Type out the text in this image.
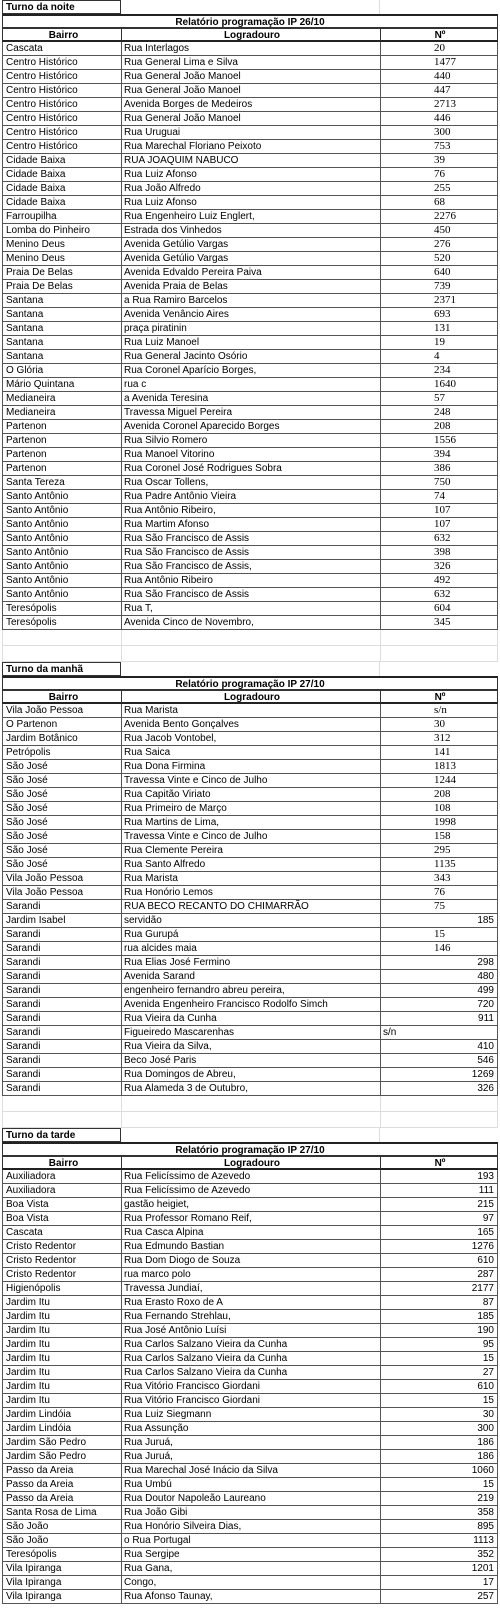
Turno da noite
Relatório programação IP 26/10
Bairro	Logradouro	Nº
Cascata	Rua Interlagos	20
Centro Histórico	Rua General Lima e Silva	1477
Centro Histórico	Rua General João Manoel	440
Centro Histórico	Rua General João Manoel	447
Centro Histórico	Avenida Borges de Medeiros	2713
Centro Histórico	Rua General João Manoel	446
Centro Histórico	Rua Uruguai	300
Centro Histórico	Rua Marechal Floriano Peixoto	753
Cidade Baixa	RUA JOAQUIM NABUCO	39
Cidade Baixa	Rua Luiz Afonso	76
Cidade Baixa	Rua João Alfredo	255
Cidade Baixa	Rua Luiz Afonso	68
Farroupilha	Rua Engenheiro Luiz Englert,	2276
Lomba do Pinheiro	Estrada dos Vinhedos	450
Menino Deus	Avenida Getúlio Vargas	276
Menino Deus	Avenida Getúlio Vargas	520
Praia De Belas	Avenida Edvaldo Pereira Paiva	640
Praia De Belas	Avenida Praia de Belas	739
Santana	a Rua Ramiro Barcelos	2371
Santana	Avenida Venâncio Aires	693
Santana	praça piratinin	131
Santana	Rua Luiz Manoel	19
Santana	Rua General Jacinto Osório	4
O Glória	Rua Coronel Aparício Borges,	234
Mário Quintana	rua c	1640
Medianeira	a Avenida Teresina	57
Medianeira	Travessa Miguel Pereira	248
Partenon	Avenida Coronel Aparecido Borges	208
Partenon	Rua Silvio Romero	1556
Partenon	Rua Manoel Vitorino	394
Partenon	Rua Coronel José Rodrigues Sobra	386
Santa Tereza	Rua Oscar Tollens,	750
Santo Antônio	Rua Padre Antônio Vieira	74
Santo Antônio	Rua Antônio Ribeiro,	107
Santo Antônio	Rua Martim Afonso	107
Santo Antônio	Rua São Francisco de Assis	632
Santo Antônio	Rua São Francisco de Assis	398
Santo Antônio	Rua São Francisco de Assis,	326
Santo Antônio	Rua Antônio Ribeiro	492
Santo Antônio	Rua São Francisco de Assis	632
Teresópolis	Rua T,	604
Teresópolis	Avenida Cinco de Novembro,	345
Turno da manhã
Relatório programação IP 27/10
Bairro	Logradouro	Nº
Vila João Pessoa	Rua Marista	s/n
O Partenon	Avenida Bento Gonçalves	30
Jardim Botânico	Rua Jacob Vontobel,	312
Petrópolis	Rua Saica	141
São José	Rua Dona Firmina	1813
São José	Travessa Vinte e Cinco de Julho	1244
São José	Rua Capitão Viriato	208
São José	Rua Primeiro de Março	108
São José	Rua Martins de Lima,	1998
São José	Travessa Vinte e Cinco de Julho	158
São José	Rua Clemente Pereira	295
São José	Rua Santo Alfredo	1135
Vila João Pessoa	Rua Marista	343
Vila João Pessoa	Rua Honório Lemos	76
Sarandi	RUA BECO RECANTO DO CHIMARRÃO	75
Jardim Isabel	servidão	185
Sarandi	Rua Gurupá	15
Sarandi	rua alcides maia	146
Sarandi	Rua Elias José Fermino	298
Sarandi	Avenida Sarand	480
Sarandi	engenheiro fernandro abreu pereira,	499
Sarandi	Avenida Engenheiro Francisco Rodolfo Simch	720
Sarandi	Rua Vieira da Cunha	911
Sarandi	Figueiredo Mascarenhas	s/n
Sarandi	Rua Vieira da Silva,	410
Sarandi	Beco José Paris	546
Sarandi	Rua Domingos de Abreu,	1269
Sarandi	Rua Alameda 3 de Outubro,	326
Turno da tarde
Relatório programação IP 27/10
Bairro	Logradouro	Nº
Auxiliadora	Rua Felicíssimo de Azevedo	193
Auxiliadora	Rua Felicíssimo de Azevedo	111
Boa Vista	gastão heigiet,	215
Boa Vista	Rua Professor Romano Reif,	97
Cascata	Rua Casca Alpina	165
Cristo Redentor	Rua Edmundo Bastian	1276
Cristo Redentor	Rua Dom Diogo de Souza	610
Cristo Redentor	rua marco polo	287
Higienópolis	Travessa Jundiaí,	2177
Jardim Itu	Rua Erasto Roxo de A	87
Jardim Itu	Rua Fernando Strehlau,	185
Jardim Itu	Rua José Antônio Luísi	190
Jardim Itu	Rua Carlos Salzano Vieira da Cunha	95
Jardim Itu	Rua Carlos Salzano Vieira da Cunha	15
Jardim Itu	Rua Carlos Salzano Vieira da Cunha	27
Jardim Itu	Rua Vitório Francisco Giordani	610
Jardim Itu	Rua Vitório Francisco Giordani	15
Jardim Lindóia	Rua Luiz Siegmann	30
Jardim Lindóia	Rua Assunção	300
Jardim São Pedro	Rua Juruá,	186
Jardim São Pedro	Rua Juruá,	186
Passo da Areia	Rua Marechal José Inácio da Silva	1060
Passo da Areia	Rua Umbú	15
Passo da Areia	Rua Doutor Napoleão Laureano	219
Santa Rosa de Lima	Rua João Gibi	358
São João	Rua Honório Silveira Dias,	895
São João	o Rua Portugal	1113
Teresópolis	Rua Sergipe	352
Vila Ipiranga	Rua Gana,	1201
Vila Ipiranga	Congo,	17
Vila Ipiranga	Rua Afonso Taunay,	257
